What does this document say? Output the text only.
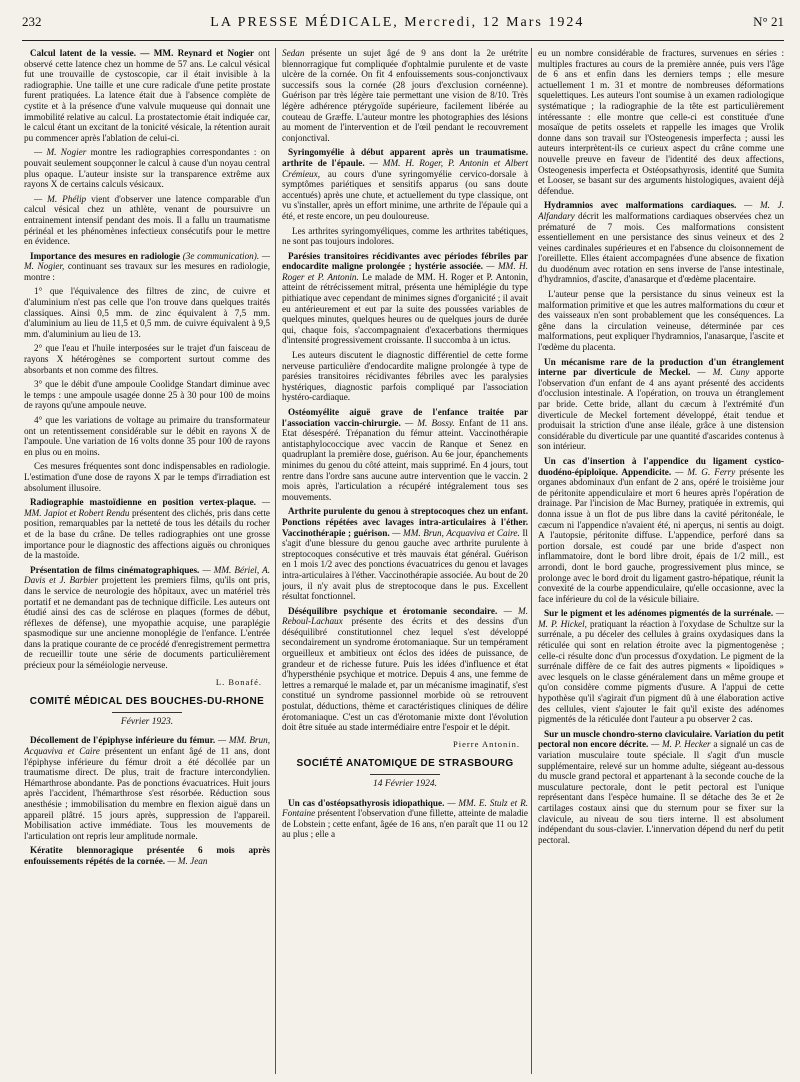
232	LA PRESSE MÉDICALE, Mercredi, 12 Mars 1924	N° 21

Calcul latent de la vessie. — MM. Reynard et Nogier ont observé cette latence chez un homme de 57 ans. Le calcul vésical fut une trouvaille de cystoscopie, car il était invisible à la radiographie. Une taille et une cure radicale d'une petite prostate furent pratiquées. La latence était due à l'absence complète de cystite et à la présence d'une valvule muqueuse qui donnait une immobilité relative au calcul. La prostatectomie était indiquée car, le calcul étant un excitant de la tonicité vésicale, la rétention aurait pu commencer après l'ablation de celui-ci.

— M. Nogier montre les radiographies correspondantes : on pouvait seulement soupçonner le calcul à cause d'un noyau central plus opaque. L'auteur insiste sur la transparence extrême aux rayons X de certains calculs vésicaux.

— M. Phélip vient d'observer une latence comparable d'un calcul vésical chez un athlète, venant de poursuivre un entrainement intensif pendant des mois. Il a fallu un traumatisme périnéal et les phénomènes infectieux consécutifs pour le mettre en évidence.

Importance des mesures en radiologie (3e communication). — M. Nogier, continuant ses travaux sur les mesures en radiologie, montre :

1° que l'équivalence des filtres de zinc, de cuivre et d'aluminium n'est pas celle que l'on trouve dans quelques traités classiques. Ainsi 0,5 mm. de zinc équivalent à 7,5 mm. d'aluminium au lieu de 11,5 et 0,5 mm. de cuivre équivalent à 9,5 mm. d'aluminium au lieu de 13.

2° que l'eau et l'huile interposées sur le trajet d'un faisceau de rayons X hétérogènes se comportent surtout comme des absorbants et non comme des filtres.

3° que le débit d'une ampoule Coolidge Standart diminue avec le temps : une ampoule usagée donne 25 à 30 pour 100 de moins de rayons qu'une ampoule neuve.

4° que les variations de voltage au primaire du transformateur ont un retentissement considérable sur le débit en rayons X de l'ampoule. Une variation de 16 volts donne 35 pour 100 de rayons en plus ou en moins.

Ces mesures fréquentes sont donc indispensables en radiologie. L'estimation d'une dose de rayons X par le temps d'irradiation est absolument illusoire.

Radiographie mastoïdienne en position vertex-plaque. — MM. Japiot et Robert Rendu présentent des clichés, pris dans cette position, remarquables par la netteté de tous les détails du rocher et de la base du crâne. De telles radiographies ont une grosse importance pour le diagnostic des affections aiguës ou chroniques de la mastoïde.

Présentation de films cinématographiques. — MM. Bériel, A. Davis et J. Barbier projettent les premiers films, qu'ils ont pris, dans le service de neurologie des hôpitaux, avec un matériel très portatif et ne demandant pas de technique difficile. Les auteurs ont étudié ainsi des cas de sclérose en plaques (formes de début, réflexes de défense), une myopathie acquise, une paraplégie spasmodique sur une ancienne monoplégie de l'enfance. L'entrée dans la pratique courante de ce procédé d'enregistrement permettra de recueillir toute une série de documents particulièrement précieux pour la séméiologie nerveuse.

L. Bonafé.

COMITÉ MÉDICAL DES BOUCHES-DU-RHONE

Février 1923.

Décollement de l'épiphyse inférieure du fémur. — MM. Brun, Acquaviva et Caire présentent un enfant âgé de 11 ans, dont l'épiphyse inférieure du fémur droit a été décollée par un traumatisme direct. De plus, trait de fracture intercondylien. Hémarthrose abondante. Pas de ponctions évacuatrices. Huit jours après l'accident, l'hémarthrose s'est résorbée. Réduction sous anesthésie ; immobilisation du membre en flexion aiguë dans un appareil plâtré. 15 jours après, suppression de l'appareil. Mobilisation active immédiate. Tous les mouvements de l'articulation ont repris leur amplitude normale.

Kératite blennoragique présentée 6 mois après enfouissements répétés de la cornée. — M. Jean

Sedan présente un sujet âgé de 9 ans dont la 2e urétrite blennorragique fut compliquée d'ophtalmie purulente et de vaste ulcère de la cornée. On fit 4 enfouissements sous-conjonctivaux successifs sous la cornée (28 jours d'exclusion cornéenne). Guérison par très légère taie permettant une vision de 8/10. Très légère adhérence ptérygoïde supérieure, facilement libérée au couteau de Græffe. L'auteur montre les photographies des lésions au moment de l'intervention et de l'œil pendant le recouvrement conjonctival.

Syringomyélie à début apparent après un traumatisme. arthrite de l'épaule. — MM. H. Roger, P. Antonin et Albert Crémieux, au cours d'une syringomyélie cervico-dorsale à symptômes pariétiques et sensitifs apparus (ou sans doute accentués) après une chute, et actuellement du type classique, ont vu s'installer, après un effort minime, une arthrite de l'épaule qui a été, et reste encore, un peu douloureuse.

Les arthrites syringomyéliques, comme les arthrites tabétiques, ne sont pas toujours indolores.

Parésies transitoires récidivantes avec périodes fébriles par endocardite maligne prolongée ; hystérie associée. — MM. H. Roger et P. Antonin. Le malade de MM. H. Roger et P. Antonin, atteint de rétrécissement mitral, présenta une hémiplégie du type pithiatique avec cependant de minimes signes d'organicité ; il avait eu antérieurement et eut par la suite des poussées variables de quelques minutes, quelques heures ou de quelques jours de durée qui, chaque fois, s'accompagnaient d'exacerbations thermiques d'intensité progressivement croissante. Il succomba à un ictus.

Les auteurs discutent le diagnostic différentiel de cette forme nerveuse particulière d'endocardite maligne prolongée à type de parésies transitoires récidivantes fébriles avec les paralysies hystériques, diagnostic parfois compliqué par l'association hystéro-cardiaque.

Ostéomyélite aiguë grave de l'enfance traitée par l'association vaccin-chirurgie. — M. Bossy. Enfant de 11 ans. Etat désespéré. Trépanation du fémur atteint. Vaccinothérapie antistaphylococcique avec vaccin de Ranque et Senez en quadruplant la première dose, guérison. Au 6e jour, épanchements minimes du genou du côté atteint, mais supprimé. En 4 jours, tout rentre dans l'ordre sans aucune autre intervention que le vaccin. 2 mois après, l'articulation a récupéré intégralement tous ses mouvements.

Arthrite purulente du genou à streptocoques chez un enfant. Ponctions répétées avec lavages intra-articulaires à l'éther. Vaccinothérapie ; guérison. — MM. Brun, Acquaviva et Caire. Il s'agit d'une blessure du genou gauche avec arthrite purulente à streptocoques consécutive et très mauvais état général. Guérison en 1 mois 1/2 avec des ponctions évacuatrices du genou et lavages intra-articulaires à l'éther. Vaccinothérapie associée. Au bout de 20 jours, il n'y avait plus de streptocoque dans le pus. Excellent résultat fonctionnel.

Déséquilibre psychique et érotomanie secondaire. — M. Reboul-Lachaux présente des écrits et des dessins d'un déséquilibré constitutionnel chez lequel s'est développé secondairement un syndrome érotomaniaque. Sur un tempérament orgueilleux et ambitieux ont éclos des idées de puissance, de grandeur et de richesse future. Puis les idées d'influence et état d'hypersthénie psychique et motrice. Depuis 4 ans, une femme de lettres a remarqué le malade et, par un mécanisme imaginatif, s'est constitué un syndrome passionnel morbide où se retrouvent postulat, déductions, thème et caractéristiques cliniques de délire érotomaniaque. C'est un cas d'érotomanie mixte dont l'évolution doit être située au stade intermédiaire entre l'espoir et le dépit.

Pierre Antonin.

SOCIÉTÉ ANATOMIQUE DE STRASBOURG

14 Février 1924.

Un cas d'ostéopsathyrosis idiopathique. — MM. E. Stulz et R. Fontaine présentent l'observation d'une fillette, atteinte de maladie de Lobstein ; cette enfant, âgée de 16 ans, n'en paraît que 11 ou 12 au plus ; elle a

eu un nombre considérable de fractures, survenues en séries : multiples fractures au cours de la première année, puis vers l'âge de 6 ans et enfin dans les derniers temps ; elle mesure actuellement 1 m. 31 et montre de nombreuses déformations squelettiques. Les auteurs l'ont soumise à un examen radiologique systématique ; la radiographie de la tête est particulièrement intéressante : elle montre que celle-ci est constituée d'une mosaïque de petits osselets et rappelle les images que Vrolik donne dans son travail sur l'Osteogenesis imperfecta ; aussi les auteurs interprètent-ils ce curieux aspect du crâne comme une nouvelle preuve en faveur de l'identité des deux affections, Osteogenesis imperfecta et Ostéopsathyrosis, identité que Sumita et Looser, se basant sur des arguments histologiques, avaient déjà défendue.

Hydramnios avec malformations cardiaques. — M. J. Alfandary décrit les malformations cardiaques observées chez un prématuré de 7 mois. Ces malformations consistent essentiellement en une persistance des sinus veineux et des 2 veines cardinales supérieures et en l'absence du cloisonnement de l'oreillette. Elles étaient accompagnées d'une absence de fixation du duodénum avec rotation en sens inverse de l'anse intestinale, d'hydramnios, d'ascite, d'anasarque et d'œdème placentaire.

L'auteur pense que la persistance du sinus veineux est la malformation primitive et que les autres malformations du cœur et des vaisseaux n'en sont probablement que les conséquences. La gêne dans la circulation veineuse, déterminée par ces malformations, peut expliquer l'hydramnios, l'anasarque, l'ascite et l'œdème du placenta.

Un mécanisme rare de la production d'un étranglement interne par diverticule de Meckel. — M. Cuny apporte l'observation d'un enfant de 4 ans ayant présenté des accidents d'occlusion intestinale. A l'opération, on trouva un étranglement par bride. Cette bride, allant du cæcum à l'extrémité d'un diverticule de Meckel fortement développé, était tendue et produisait la striction d'une anse iléale, grâce à une distension considérable du diverticule par une quantité d'ascarides contenus à son intérieur.

Un cas d'insertion à l'appendice du ligament cystico-duodéno-épiploïque. Appendicite. — M. G. Ferry présente les organes abdominaux d'un enfant de 2 ans, opéré le troisième jour de péritonite appendiculaire et mort 6 heures après l'opération de drainage. Par l'incision de Mac Burney, pratiquée in extremis, qui donna issue à un flot de pus libre dans la cavité péritonéale, le cæcum ni l'appendice n'avaient été, ni aperçus, ni sentis au doigt. A l'autopsie, péritonite diffuse. L'appendice, perforé dans sa portion dorsale, est coudé par une bride d'aspect non inflammatoire, dont le bord libre droit, épais de 1/2 mill., est arrondi, dont le bord gauche, progressivement plus mince, se prolonge avec le bord droit du ligament gastro-hépatique, réunit la convexité de la courbe appendiculaire, qu'elle occasionne, avec la face inférieure du col de la vésicule biliaire.

Sur le pigment et les adénomes pigmentés de la surrénale. — M. P. Hickel, pratiquant la réaction à l'oxydase de Schultze sur la surrénale, a pu déceler des cellules à grains oxydasiques dans la réticulée qui sont en relation étroite avec la pigmentogenèse ; celle-ci résulte donc d'un processus d'oxydation. Le pigment de la surrénale diffère de ce fait des autres pigments « lipoïdiques » avec lesquels on le classe généralement dans un même groupe et qu'on considère comme pigments d'usure. A l'appui de cette hypothèse qu'il s'agirait d'un pigment dû à une élaboration active des cellules, vient s'ajouter le fait qu'il existe des adénomes pigmentés de la réticulée dont l'auteur a pu observer 2 cas.

Sur un muscle chondro-sterno claviculaire. Variation du petit pectoral non encore décrite. — M. P. Hecker a signalé un cas de variation musculaire toute spéciale. Il s'agit d'un muscle supplémentaire, relevé sur un homme adulte, siégeant au-dessous du muscle grand pectoral et appartenant à la seconde couche de la musculature pectorale, dont le petit pectoral est l'unique représentant dans l'espèce humaine. Il se détache des 3e et 2e cartilages costaux ainsi que du sternum pour se fixer sur la clavicule, au niveau de sou tiers interne. Il est absolument indépendant du sous-clavier. L'innervation dépend du nerf du petit pectoral.
